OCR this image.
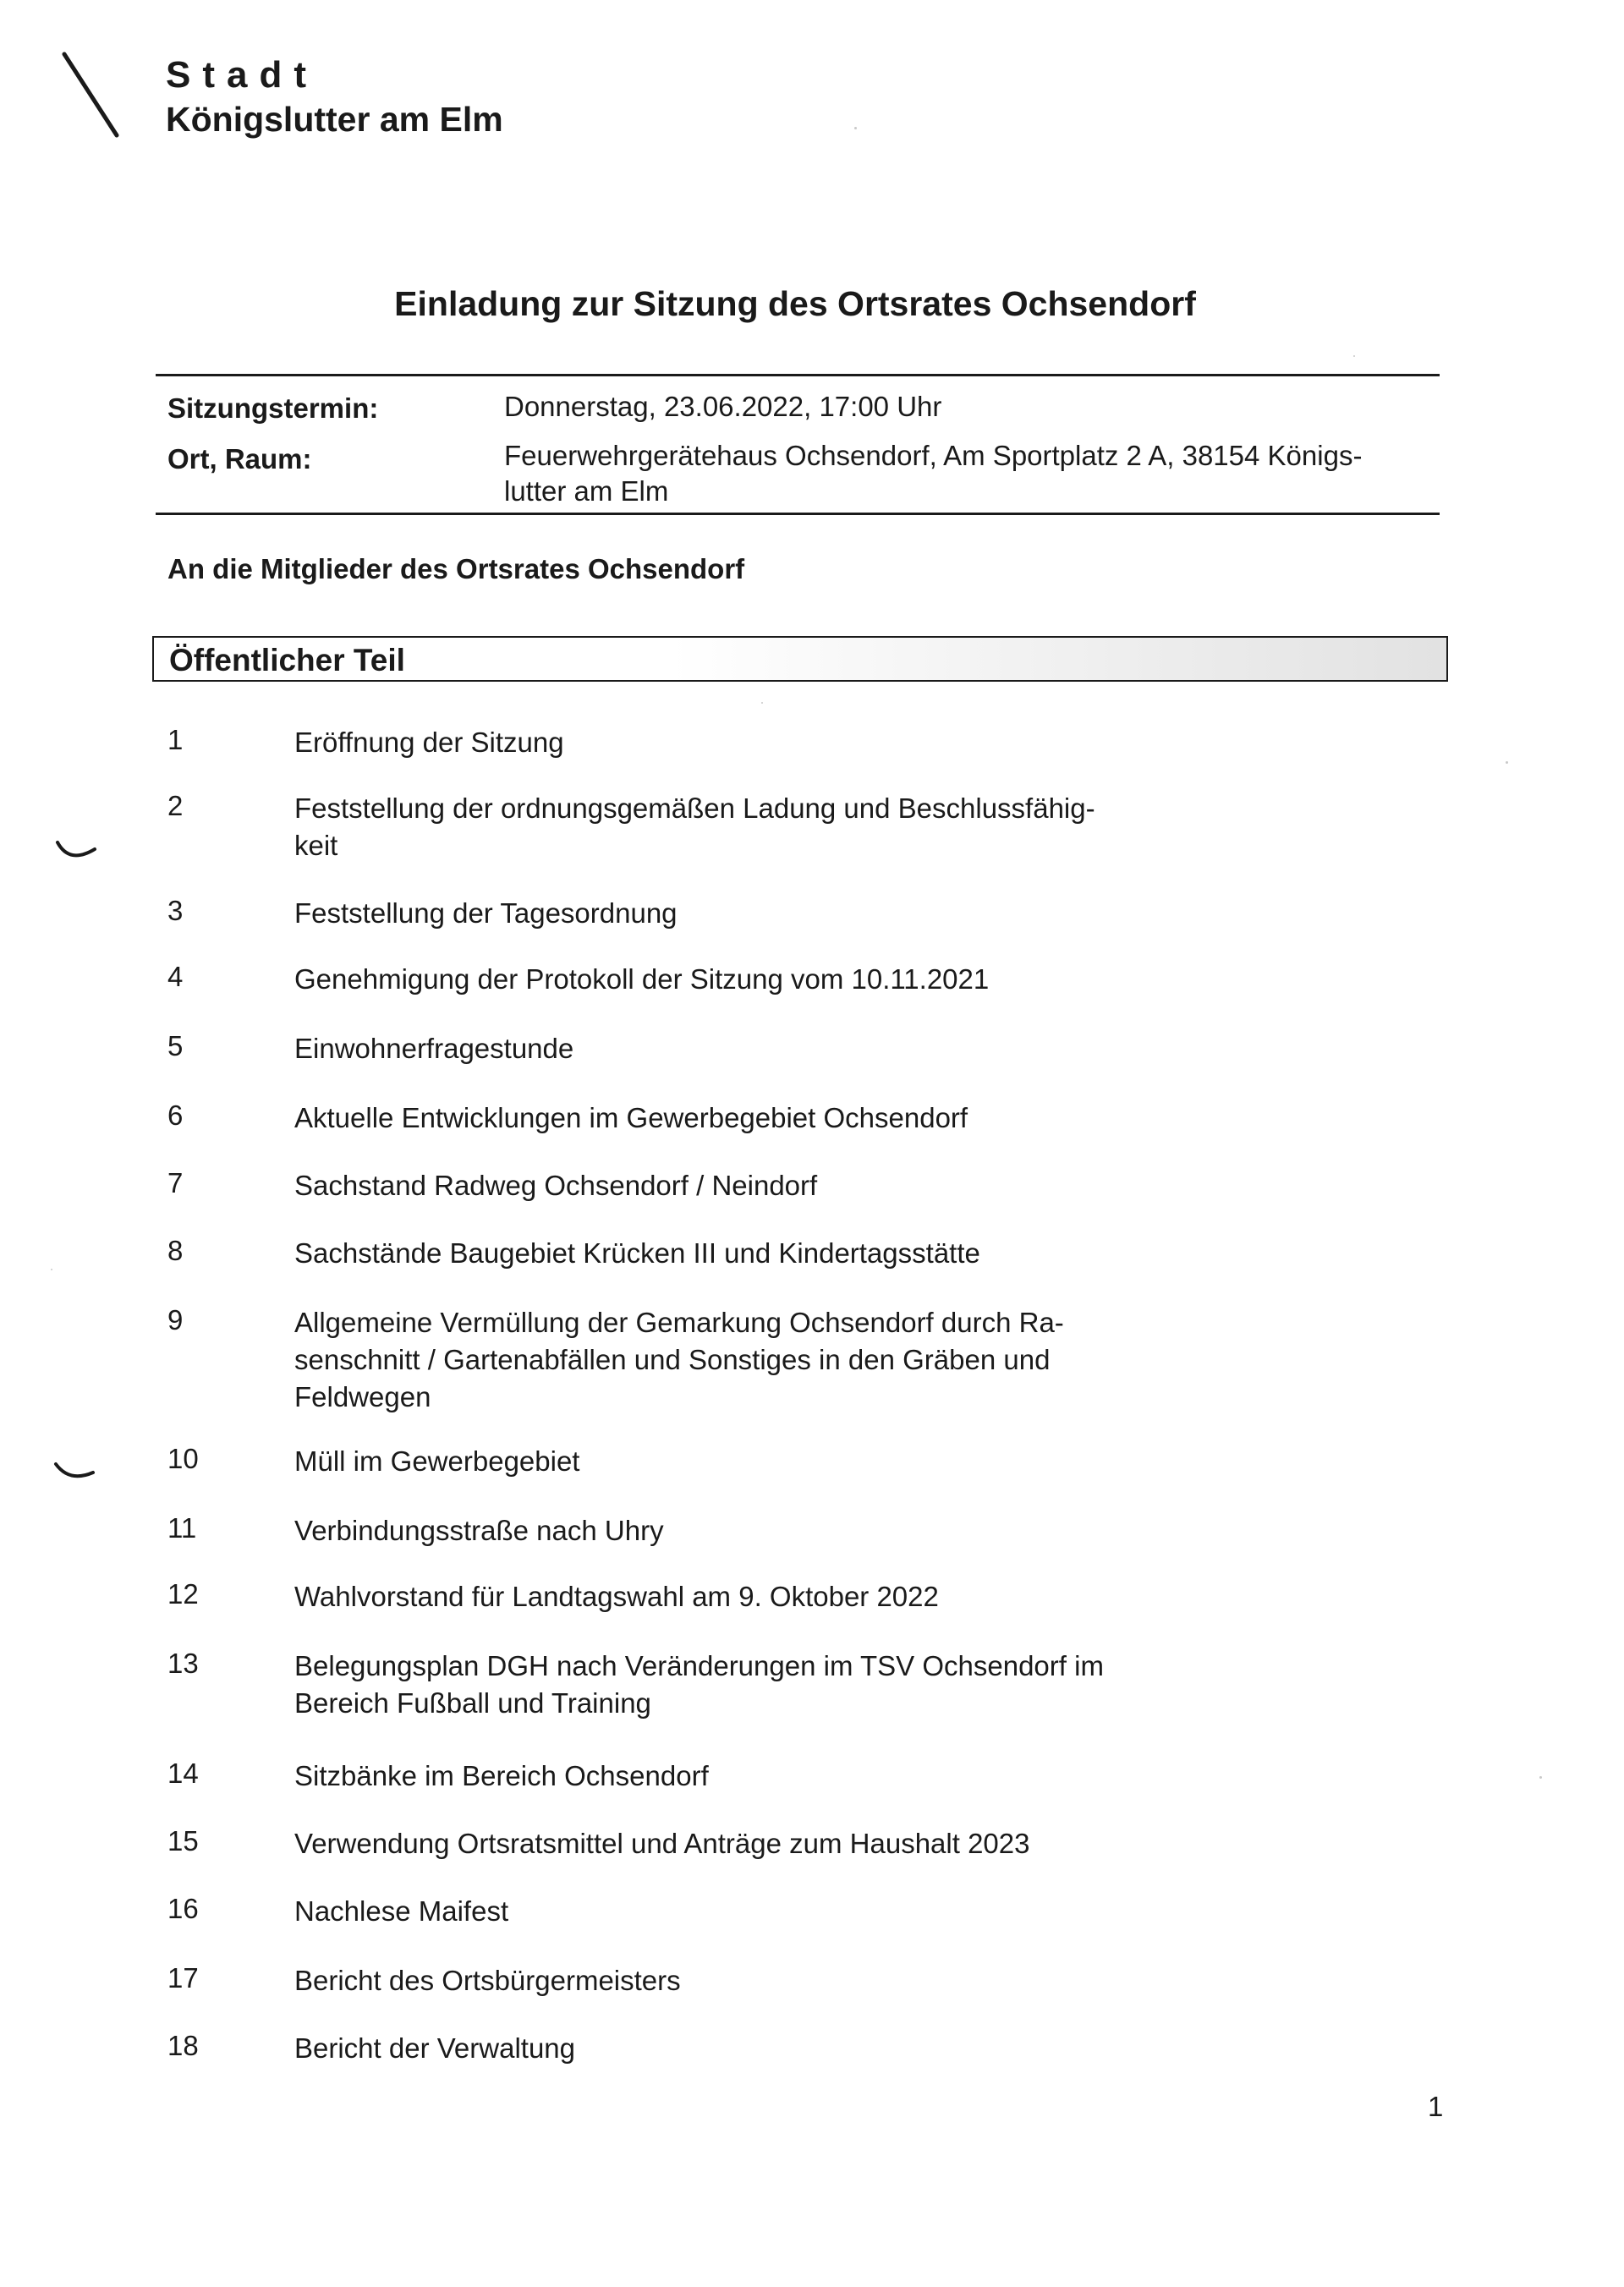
Stadt
Königslutter am Elm
Einladung zur Sitzung des Ortsrates Ochsendorf
Sitzungstermin:	Donnerstag, 23.06.2022, 17:00 Uhr
Ort, Raum:	Feuerwehrgerätehaus Ochsendorf, Am Sportplatz 2 A, 38154 Königs-
lutter am Elm
An die Mitglieder des Ortsrates Ochsendorf
Öffentlicher Teil
1	Eröffnung der Sitzung
2	Feststellung der ordnungsgemäßen Ladung und Beschlussfähig-
keit
3	Feststellung der Tagesordnung
4	Genehmigung der Protokoll der Sitzung vom 10.11.2021
5	Einwohnerfragestunde
6	Aktuelle Entwicklungen im Gewerbegebiet Ochsendorf
7	Sachstand Radweg Ochsendorf / Neindorf
8	Sachstände Baugebiet Krücken III und Kindertagsstätte
9	Allgemeine Vermüllung der Gemarkung Ochsendorf durch Ra-
senschnitt / Gartenabfällen und Sonstiges in den Gräben und
Feldwegen
10	Müll im Gewerbegebiet
11	Verbindungsstraße nach Uhry
12	Wahlvorstand für Landtagswahl am 9. Oktober 2022
13	Belegungsplan DGH nach Veränderungen im TSV Ochsendorf im
Bereich Fußball und Training
14	Sitzbänke im Bereich Ochsendorf
15	Verwendung Ortsratsmittel und Anträge zum Haushalt 2023
16	Nachlese Maifest
17	Bericht des Ortsbürgermeisters
18	Bericht der Verwaltung
1
